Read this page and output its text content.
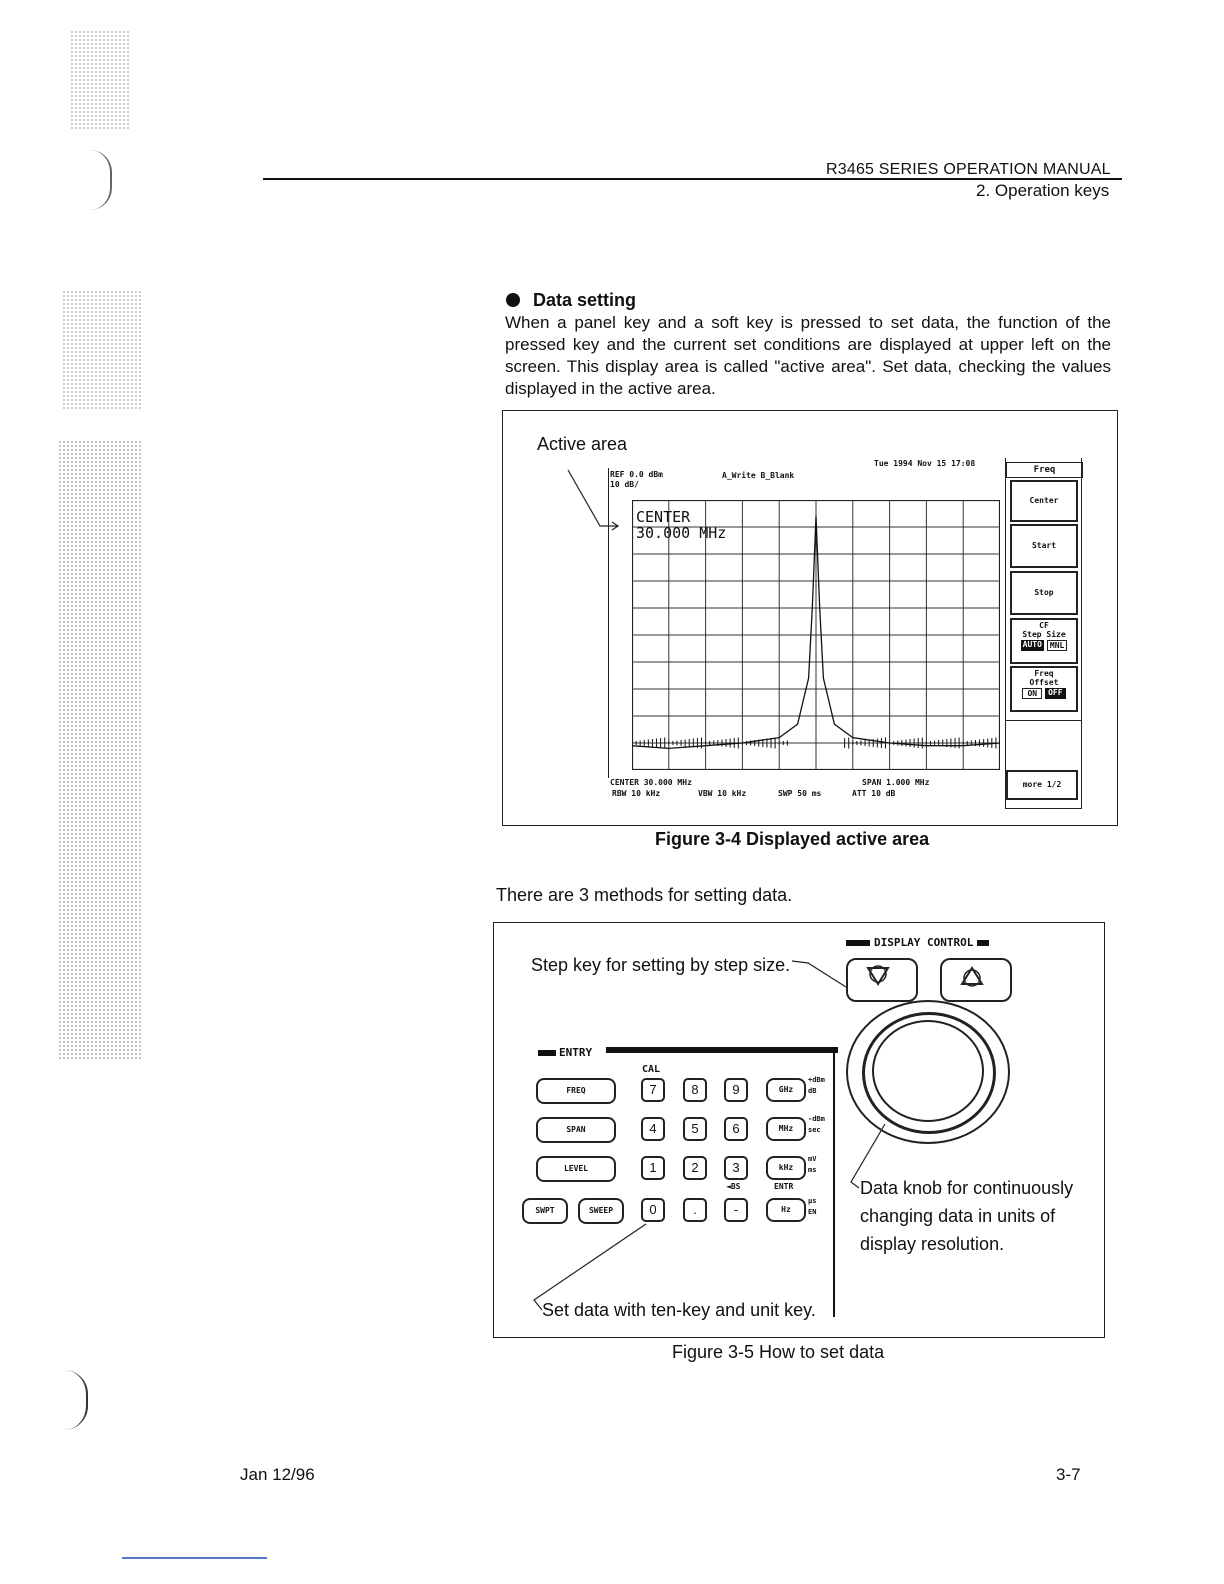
R3465 SERIES OPERATION MANUAL
2. Operation keys
Data setting
When a panel key and a soft key is pressed to set data, the function of the pressed key and the current set conditions are displayed at upper left on the screen. This display area is called "active area". Set data, checking the values displayed in the active area.
Active area
Tue 1994 Nov 15 17:08
REF 0.0 dBm
10 dB/
A_Write B_Blank
CENTER
30.000 MHz
CENTER 30.000 MHz	SPAN 1.000 MHz
RBW 10 kHz	VBW 10 kHz	SWP 50 ms	ATT 10 dB
Freq
Center
Start
Stop
CF
Step Size
AUTO	MNL
Freq
Offset
ON	OFF
more 1/2
Figure 3-4 Displayed active area
There are 3 methods for setting data.
DISPLAY CONTROL
Step key for setting by step size.
Data knob for continuously
changing data in units of
display resolution.
ENTRY
CAL
FREQ
SPAN
LEVEL
SWPT	SWEEP
7	8	9
4	5	6
1	2	3
0	.	-
◄BS	ENTR
GHz
MHz
kHz
Hz
+dBm
dB
-dBm
sec
mV
ms
μs
EN
Set data with ten-key and unit key.
Figure 3-5 How to set data
Jan 12/96	3-7
